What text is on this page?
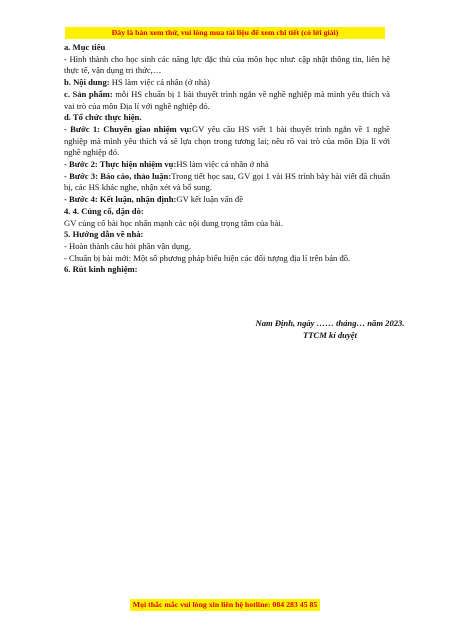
Đây là bản xem thử, vui lòng mua tài liệu để xem chi tiết (có lời giải)

a. Mục tiêu

- Hình thành cho học sinh các năng lực đặc thù của môn học như: cập nhật thông tin, liên hệ thực tế, vận dụng tri thức,…

b. Nội dung: HS làm việc cá nhân (ở nhà)

c. Sản phẩm: mỗi HS chuẩn bị 1 bài thuyết trình ngắn về nghề nghiệp mà mình yêu thích và vai trò của môn Địa lí với nghề nghiệp đó.

d. Tổ chức thực hiện.

- Bước 1: Chuyển giao nhiệm vụ:GV yêu cầu HS viết 1 bài thuyết trình ngắn về 1 nghề nghiệp mà mình yêu thích và sẽ lựa chọn trong tương lai; nêu rõ vai trò của môn Địa lí với nghề nghiệp đó.

- Bước 2: Thực hiện nhiệm vụ:HS làm việc cá nhân ở nhà

- Bước 3: Báo cáo, thảo luận:Trong tiết học sau, GV gọi 1 vài HS trình bày bài viết đã chuẩn bị, các HS khác nghe, nhận xét và bổ sung.

- Bước 4: Kết luận, nhận định:GV kết luận vấn đề

4. 4. Củng cố, dặn dò:

GV củng cố bài học nhấn mạnh các nội dung trọng tâm của bài.

5. Hướng dẫn về nhà:

- Hoàn thành câu hỏi phần vận dụng.

- Chuẩn bị bài mới: Một số phương pháp biểu hiện các đối tượng địa lí trên bản đồ.

6. Rút kinh nghiệm:

Nam Định, ngày …… tháng… năm 2023.
TTCM kí duyệt
Mọi thắc mắc vui lòng xin liên hệ hotline: 084 283 45 85
